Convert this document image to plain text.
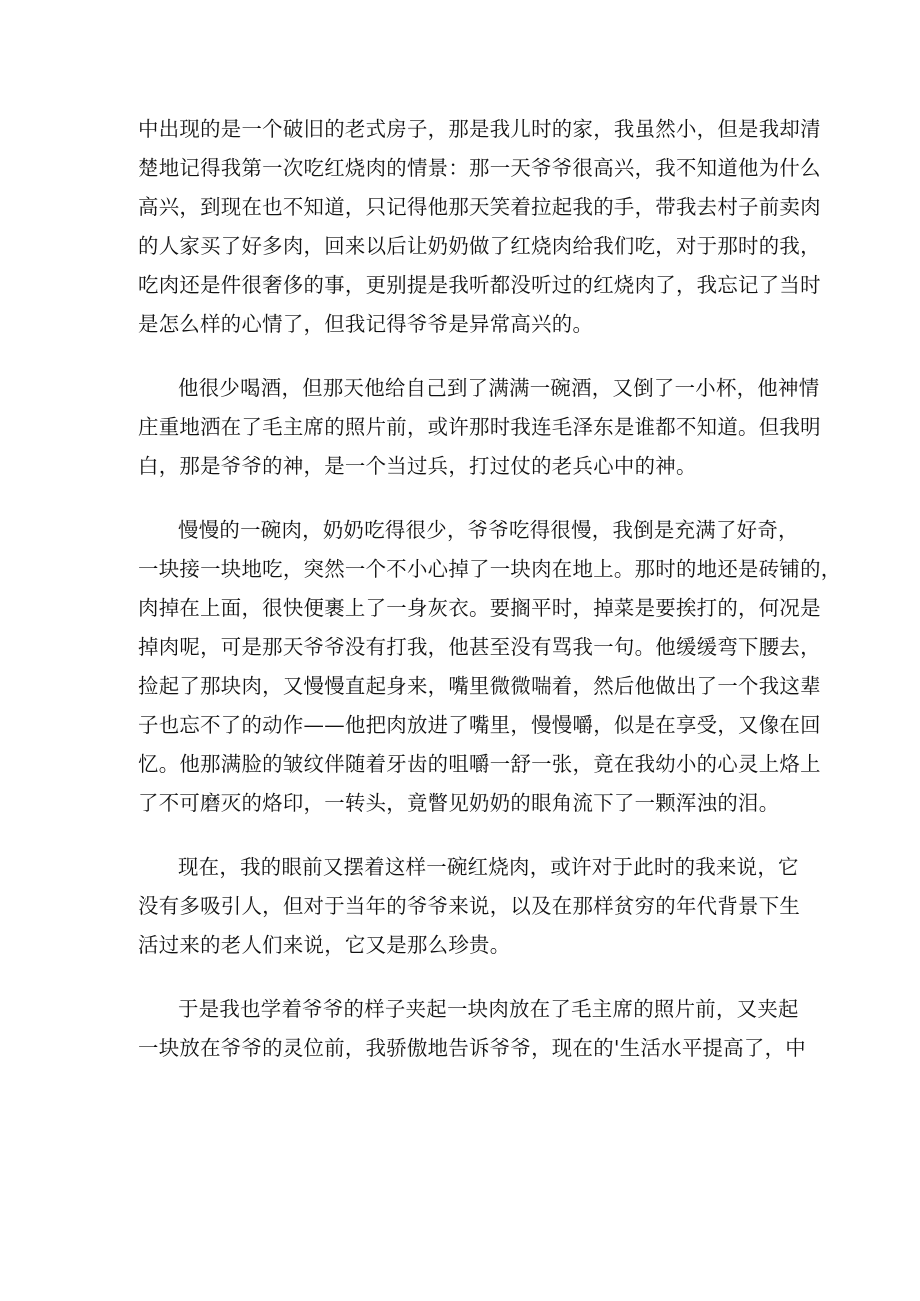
中出现的是一个破旧的老式房子，那是我儿时的家，我虽然小，但是我却清
楚地记得我第一次吃红烧肉的情景：那一天爷爷很高兴，我不知道他为什么
高兴，到现在也不知道，只记得他那天笑着拉起我的手，带我去村子前卖肉
的人家买了好多肉，回来以后让奶奶做了红烧肉给我们吃，对于那时的我，
吃肉还是件很奢侈的事，更别提是我听都没听过的红烧肉了，我忘记了当时
是怎么样的心情了，但我记得爷爷是异常高兴的。
他很少喝酒，但那天他给自己到了满满一碗酒，又倒了一小杯，他神情
庄重地洒在了毛主席的照片前，或许那时我连毛泽东是谁都不知道。但我明
白，那是爷爷的神，是一个当过兵，打过仗的老兵心中的神。
慢慢的一碗肉，奶奶吃得很少，爷爷吃得很慢，我倒是充满了好奇，
一块接一块地吃，突然一个不小心掉了一块肉在地上。那时的地还是砖铺的，
肉掉在上面，很快便裹上了一身灰衣。要搁平时，掉菜是要挨打的，何况是
掉肉呢，可是那天爷爷没有打我，他甚至没有骂我一句。他缓缓弯下腰去，
捡起了那块肉，又慢慢直起身来，嘴里微微喘着，然后他做出了一个我这辈
子也忘不了的动作——他把肉放进了嘴里，慢慢嚼，似是在享受，又像在回
忆。他那满脸的皱纹伴随着牙齿的咀嚼一舒一张，竟在我幼小的心灵上烙上
了不可磨灭的烙印，一转头，竟瞥见奶奶的眼角流下了一颗浑浊的泪。
现在，我的眼前又摆着这样一碗红烧肉，或许对于此时的我来说，它
没有多吸引人，但对于当年的爷爷来说，以及在那样贫穷的年代背景下生
活过来的老人们来说，它又是那么珍贵。
于是我也学着爷爷的样子夹起一块肉放在了毛主席的照片前，又夹起
一块放在爷爷的灵位前，我骄傲地告诉爷爷，现在的'生活水平提高了，中
